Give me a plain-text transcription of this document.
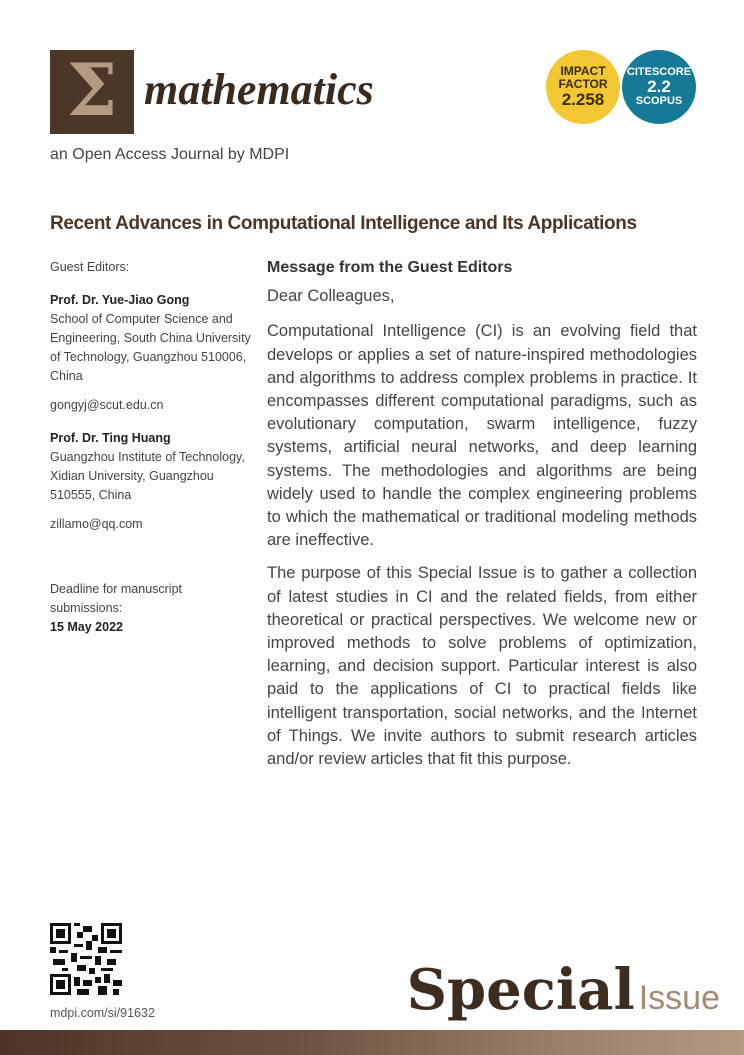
Σ mathematics
an Open Access Journal by MDPI
IMPACT
FACTOR
2.258
CITESCORE
2.2
SCOPUS
Recent Advances in Computational Intelligence and Its Applications
Guest Editors:

Prof. Dr. Yue-Jiao Gong
School of Computer Science and Engineering, South China University of Technology, Guangzhou 510006, China

gongyj@scut.edu.cn

Prof. Dr. Ting Huang
Guangzhou Institute of Technology, Xidian University, Guangzhou 510555, China

zillamo@qq.com

Deadline for manuscript submissions:
15 May 2022
Message from the Guest Editors

Dear Colleagues,

Computational Intelligence (CI) is an evolving field that develops or applies a set of nature-inspired methodologies and algorithms to address complex problems in practice. It encompasses different computational paradigms, such as evolutionary computation, swarm intelligence, fuzzy systems, artificial neural networks, and deep learning systems. The methodologies and algorithms are being widely used to handle the complex engineering problems to which the mathematical or traditional modeling methods are ineffective.

The purpose of this Special Issue is to gather a collection of latest studies in CI and the related fields, from either theoretical or practical perspectives. We welcome new or improved methods to solve problems of optimization, learning, and decision support. Particular interest is also paid to the applications of CI to practical fields like intelligent transportation, social networks, and the Internet of Things. We invite authors to submit research articles and/or review articles that fit this purpose.

mdpi.com/si/91632	Special Issue
